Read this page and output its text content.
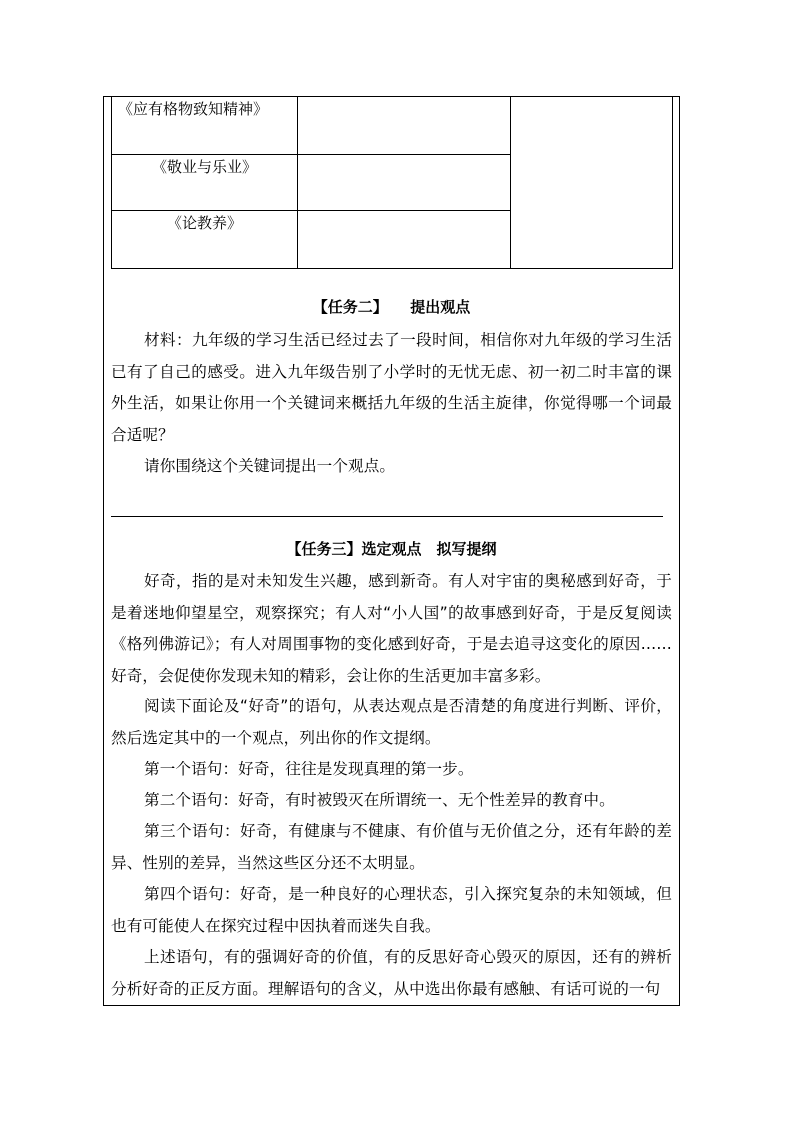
《应有格物致知精神》		
《敬业与乐业》		
《论教养》		
【任务二】　　提出观点

材料：九年级的学习生活已经过去了一段时间，相信你对九年级的学习生活已有了自己的感受。进入九年级告别了小学时的无忧无虑、初一初二时丰富的课外生活，如果让你用一个关键词来概括九年级的生活主旋律，你觉得哪一个词最合适呢？

请你围绕这个关键词提出一个观点。

【任务三】选定观点　拟写提纲

好奇，指的是对未知发生兴趣，感到新奇。有人对宇宙的奥秘感到好奇，于是着迷地仰望星空，观察探究；有人对“小人国”的故事感到好奇，于是反复阅读《格列佛游记》；有人对周围事物的变化感到好奇，于是去追寻这变化的原因……好奇，会促使你发现未知的精彩，会让你的生活更加丰富多彩。

阅读下面论及“好奇”的语句，从表达观点是否清楚的角度进行判断、评价，然后选定其中的一个观点，列出你的作文提纲。

第一个语句：好奇，往往是发现真理的第一步。

第二个语句：好奇，有时被毁灭在所谓统一、无个性差异的教育中。

第三个语句：好奇，有健康与不健康、有价值与无价值之分，还有年龄的差异、性别的差异，当然这些区分还不太明显。

第四个语句：好奇，是一种良好的心理状态，引入探究复杂的未知领域，但也有可能使人在探究过程中因执着而迷失自我。

上述语句，有的强调好奇的价值，有的反思好奇心毁灭的原因，还有的辨析分析好奇的正反方面。理解语句的含义，从中选出你最有感触、有话可说的一句
